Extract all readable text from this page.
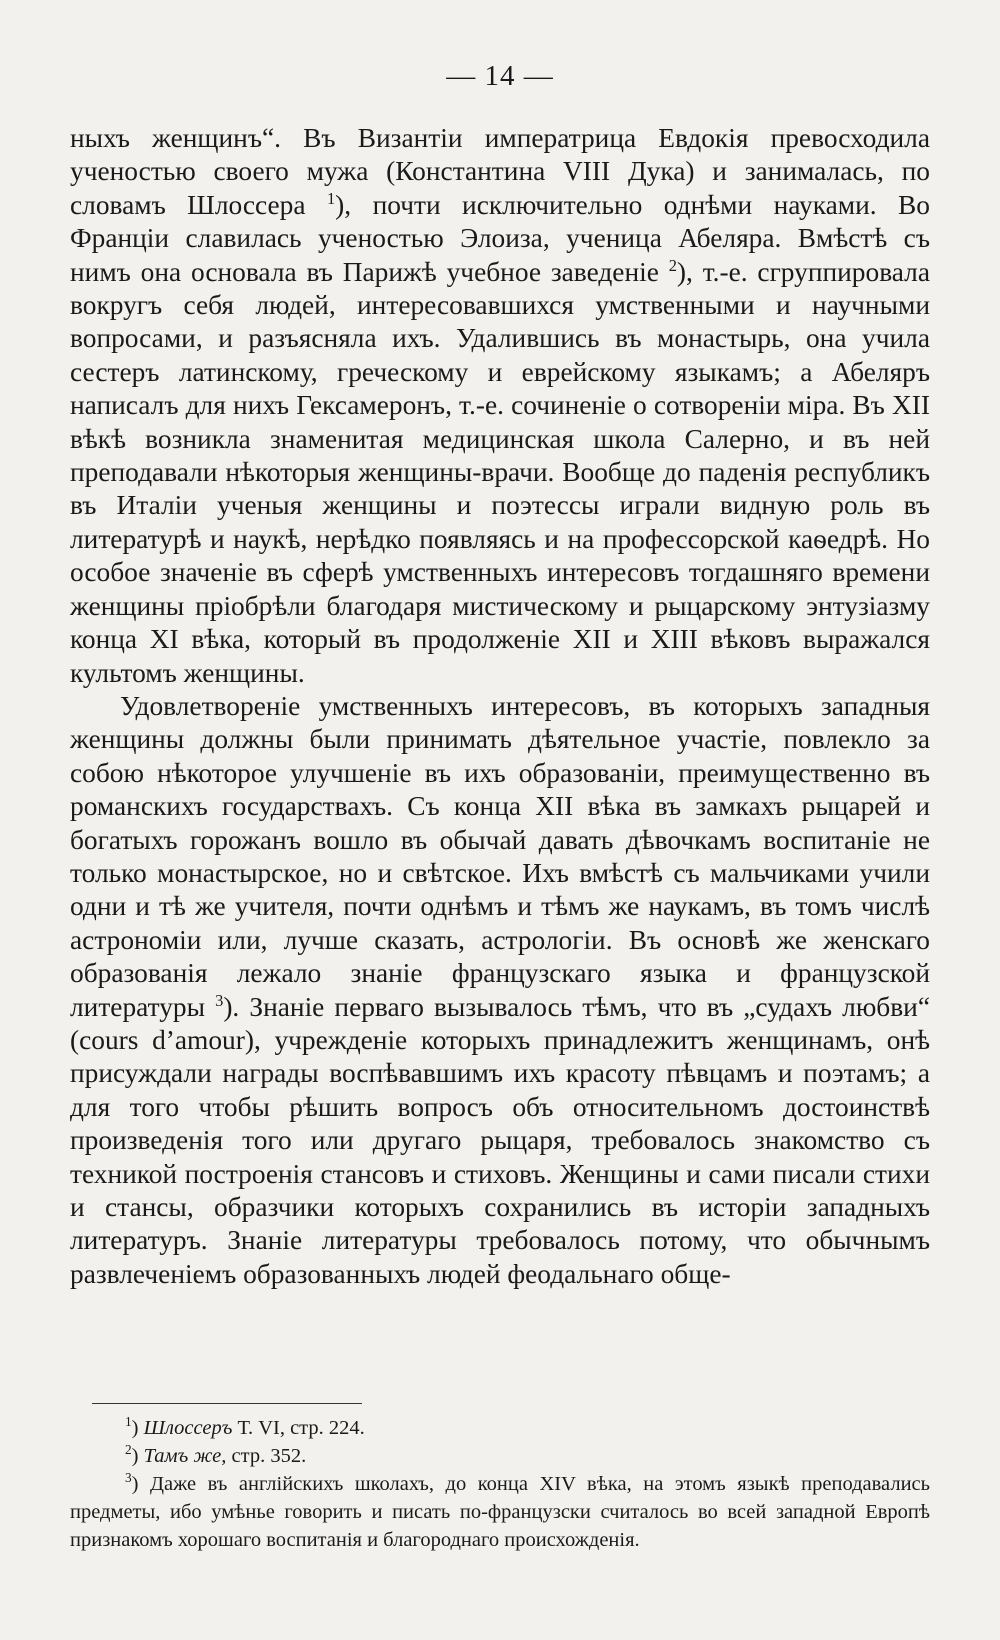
— 14 —

ныхъ женщинъ“. Въ Византіи императрица Евдокія превосходила ученостью своего мужа (Константина VIII Дука) и занималась, по словамъ Шлоссера $^1$), почти исключительно однѣми науками. Во Франціи славилась ученостью Элоиза, ученица Абеляра. Вмѣстѣ съ нимъ она основала въ Парижѣ учебное заведеніе $^2$), т.-е. сгруппировала вокругъ себя людей, интересовавшихся умственными и научными вопросами, и разъясняла ихъ. Удалившись въ монастырь, она учила сестеръ латинскому, греческому и еврейскому языкамъ; а Абеляръ написалъ для нихъ Гексамеронъ, т.-е. сочиненіе о сотвореніи міра. Въ XII вѣкѣ возникла знаменитая медицинская школа Салерно, и въ ней преподавали нѣкоторыя женщины-врачи. Вообще до паденія республикъ въ Италіи ученыя женщины и поэтессы играли видную роль въ литературѣ и наукѣ, нерѣдко появляясь и на профессорской каѳедрѣ. Но особое значеніе въ сферѣ умственныхъ интересовъ тогдашняго времени женщины пріобрѣли благодаря мистическому и рыцарскому энтузіазму конца XI вѣка, который въ продолженіе XII и XIII вѣковъ выражался культомъ женщины.

Удовлетвореніе умственныхъ интересовъ, въ которыхъ западныя женщины должны были принимать дѣятельное участіе, повлекло за собою нѣкоторое улучшеніе въ ихъ образованіи, преимущественно въ романскихъ государствахъ. Съ конца XII вѣка въ замкахъ рыцарей и богатыхъ горожанъ вошло въ обычай давать дѣвочкамъ воспитаніе не только монастырское, но и свѣтское. Ихъ вмѣстѣ съ мальчиками учили одни и тѣ же учителя, почти однѣмъ и тѣмъ же наукамъ, въ томъ числѣ астрономіи или, лучше сказать, астрологіи. Въ основѣ же женскаго образованія лежало знаніе французскаго языка и французской литературы $^3$). Знаніе перваго вызывалось тѣмъ, что въ „судахъ любви“ (cours d’amour), учрежденіе которыхъ принадлежитъ женщинамъ, онѣ присуждали награды воспѣвавшимъ ихъ красоту пѣвцамъ и поэтамъ; а для того чтобы рѣшить вопросъ объ относительномъ достоинствѣ произведенія того или другаго рыцаря, требовалось знакомство съ техникой построенія стансовъ и стиховъ. Женщины и сами писали стихи и стансы, образчики которыхъ сохранились въ исторіи западныхъ литературъ. Знаніе литературы требовалось потому, что обычнымъ развлеченіемъ образованныхъ людей феодальнаго обще-

$^1$) Шлоссеръ Т. VI, стр. 224.

$^2$) Тамъ же, стр. 352.

$^3$) Даже въ англійскихъ школахъ, до конца XIV вѣка, на этомъ языкѣ преподавались предметы, ибо умѣнье говорить и писать по-французски считалось во всей западной Европѣ признакомъ хорошаго воспитанія и благороднаго происхожденія.
